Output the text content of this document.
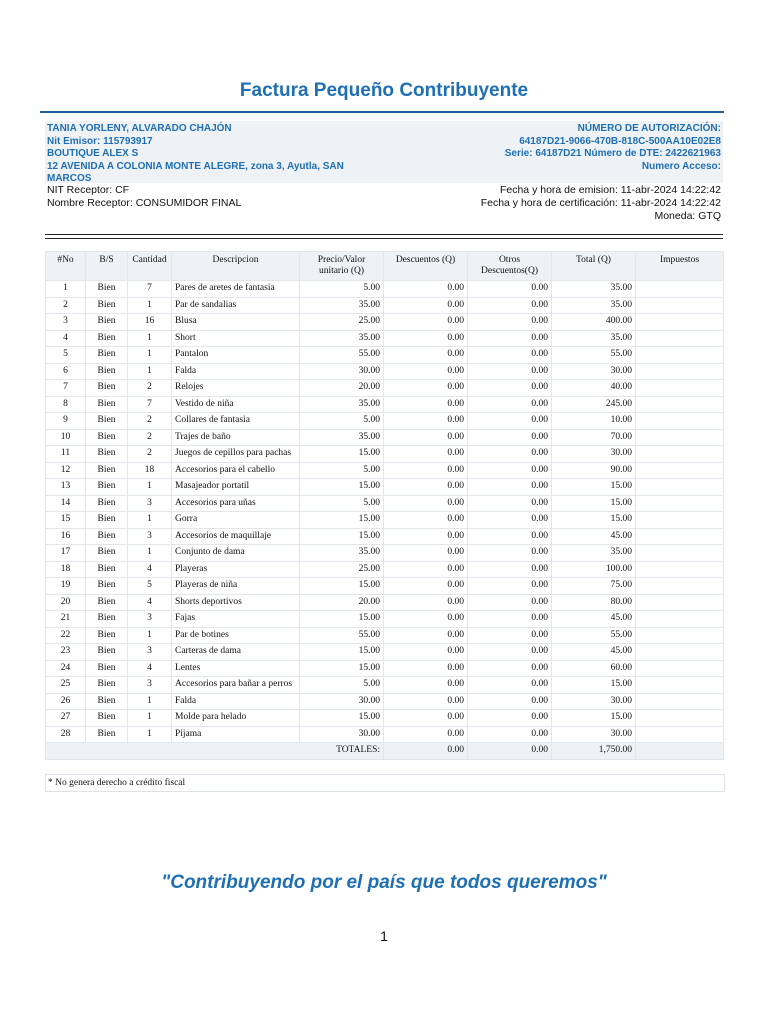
Factura Pequeño Contribuyente
TANIA YORLENY, ALVARADO CHAJÓN
Nit Emisor: 115793917
BOUTIQUE ALEX S
12 AVENIDA A COLONIA MONTE ALEGRE, zona 3, Ayutla, SAN MARCOS
NÚMERO DE AUTORIZACIÓN:
64187D21-9066-470B-818C-500AA10E02E8
Serie: 64187D21 Número de DTE: 2422621963
Numero Acceso:
NIT Receptor: CF
Nombre Receptor: CONSUMIDOR FINAL
Fecha y hora de emision: 11-abr-2024 14:22:42
Fecha y hora de certificación: 11-abr-2024 14:22:42
Moneda: GTQ
#No	B/S	Cantidad	Descripcion	Precio/Valor unitario (Q)	Descuentos (Q)	Otros Descuentos(Q)	Total (Q)	Impuestos
1	Bien	7	Pares de aretes de fantasia	5.00	0.00	0.00	35.00	
2	Bien	1	Par de sandalias	35.00	0.00	0.00	35.00	
3	Bien	16	Blusa	25.00	0.00	0.00	400.00	
4	Bien	1	Short	35.00	0.00	0.00	35.00	
5	Bien	1	Pantalon	55.00	0.00	0.00	55.00	
6	Bien	1	Falda	30.00	0.00	0.00	30.00	
7	Bien	2	Relojes	20.00	0.00	0.00	40.00	
8	Bien	7	Vestido de niña	35.00	0.00	0.00	245.00	
9	Bien	2	Collares de fantasia	5.00	0.00	0.00	10.00	
10	Bien	2	Trajes de baño	35.00	0.00	0.00	70.00	
11	Bien	2	Juegos de cepillos para pachas	15.00	0.00	0.00	30.00	
12	Bien	18	Accesorios para el cabello	5.00	0.00	0.00	90.00	
13	Bien	1	Masajeador portatil	15.00	0.00	0.00	15.00	
14	Bien	3	Accesorios para uñas	5.00	0.00	0.00	15.00	
15	Bien	1	Gorra	15.00	0.00	0.00	15.00	
16	Bien	3	Accesorios de maquillaje	15.00	0.00	0.00	45.00	
17	Bien	1	Conjunto de dama	35.00	0.00	0.00	35.00	
18	Bien	4	Playeras	25.00	0.00	0.00	100.00	
19	Bien	5	Playeras de niña	15.00	0.00	0.00	75.00	
20	Bien	4	Shorts deportivos	20.00	0.00	0.00	80.00	
21	Bien	3	Fajas	15.00	0.00	0.00	45.00	
22	Bien	1	Par de botines	55.00	0.00	0.00	55.00	
23	Bien	3	Carteras de dama	15.00	0.00	0.00	45.00	
24	Bien	4	Lentes	15.00	0.00	0.00	60.00	
25	Bien	3	Accesorios para bañar a perros	5.00	0.00	0.00	15.00	
26	Bien	1	Falda	30.00	0.00	0.00	30.00	
27	Bien	1	Molde para helado	15.00	0.00	0.00	15.00	
28	Bien	1	Pijama	30.00	0.00	0.00	30.00	
TOTALES:					0.00	0.00	1,750.00	
* No genera derecho a crédito fiscal
"Contribuyendo por el país que todos queremos"
1
